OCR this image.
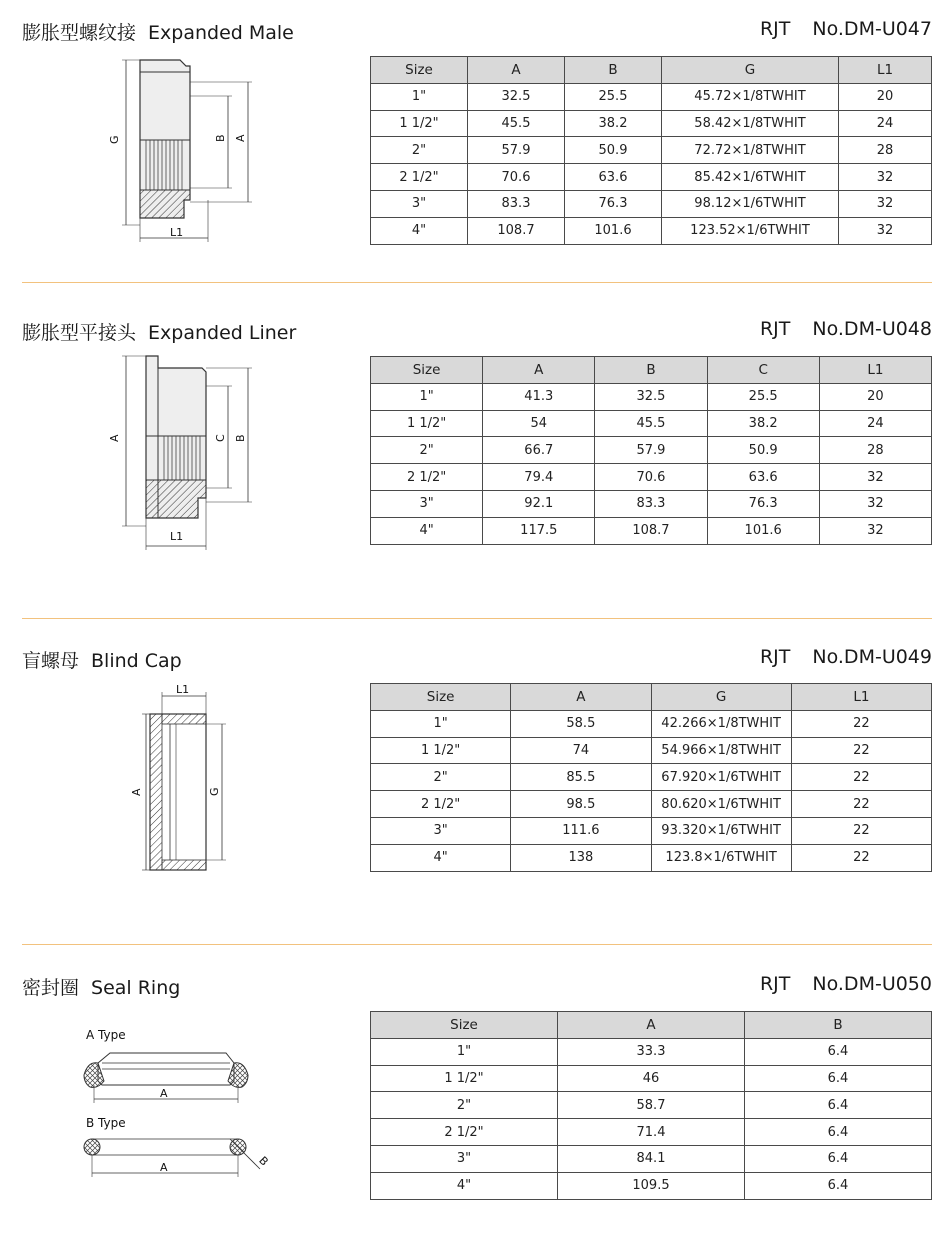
膨胀型螺纹接 Expanded Male	RJT No.DM-U047
G	B A
L1
Size	A	B	G	L1
1"	32.5	25.5	45.72×1/8TWHIT	20
1 1/2"	45.5	38.2	58.42×1/8TWHIT	24
2"	57.9	50.9	72.72×1/8TWHIT	28
2 1/2"	70.6	63.6	85.42×1/6TWHIT	32
3"	83.3	76.3	98.12×1/6TWHIT	32
4"	108.7	101.6	123.52×1/6TWHIT	32
膨胀型平接头 Expanded Liner	RJT No.DM-U048
A	C B
L1
Size	A	B	C	L1
1"	41.3	32.5	25.5	20
1 1/2"	54	45.5	38.2	24
2"	66.7	57.9	50.9	28
2 1/2"	79.4	70.6	63.6	32
3"	92.1	83.3	76.3	32
4"	117.5	108.7	101.6	32
盲螺母 Blind Cap	RJT No.DM-U049
L1
A	G
Size	A	G	L1
1"	58.5	42.266×1/8TWHIT	22
1 1/2"	74	54.966×1/8TWHIT	22
2"	85.5	67.920×1/6TWHIT	22
2 1/2"	98.5	80.620×1/6TWHIT	22
3"	111.6	93.320×1/6TWHIT	22
4"	138	123.8×1/6TWHIT	22
密封圈 Seal Ring	RJT No.DM-U050
A Type
A
B Type
A	B
Size	A	B
1"	33.3	6.4
1 1/2"	46	6.4
2"	58.7	6.4
2 1/2"	71.4	6.4
3"	84.1	6.4
4"	109.5	6.4
